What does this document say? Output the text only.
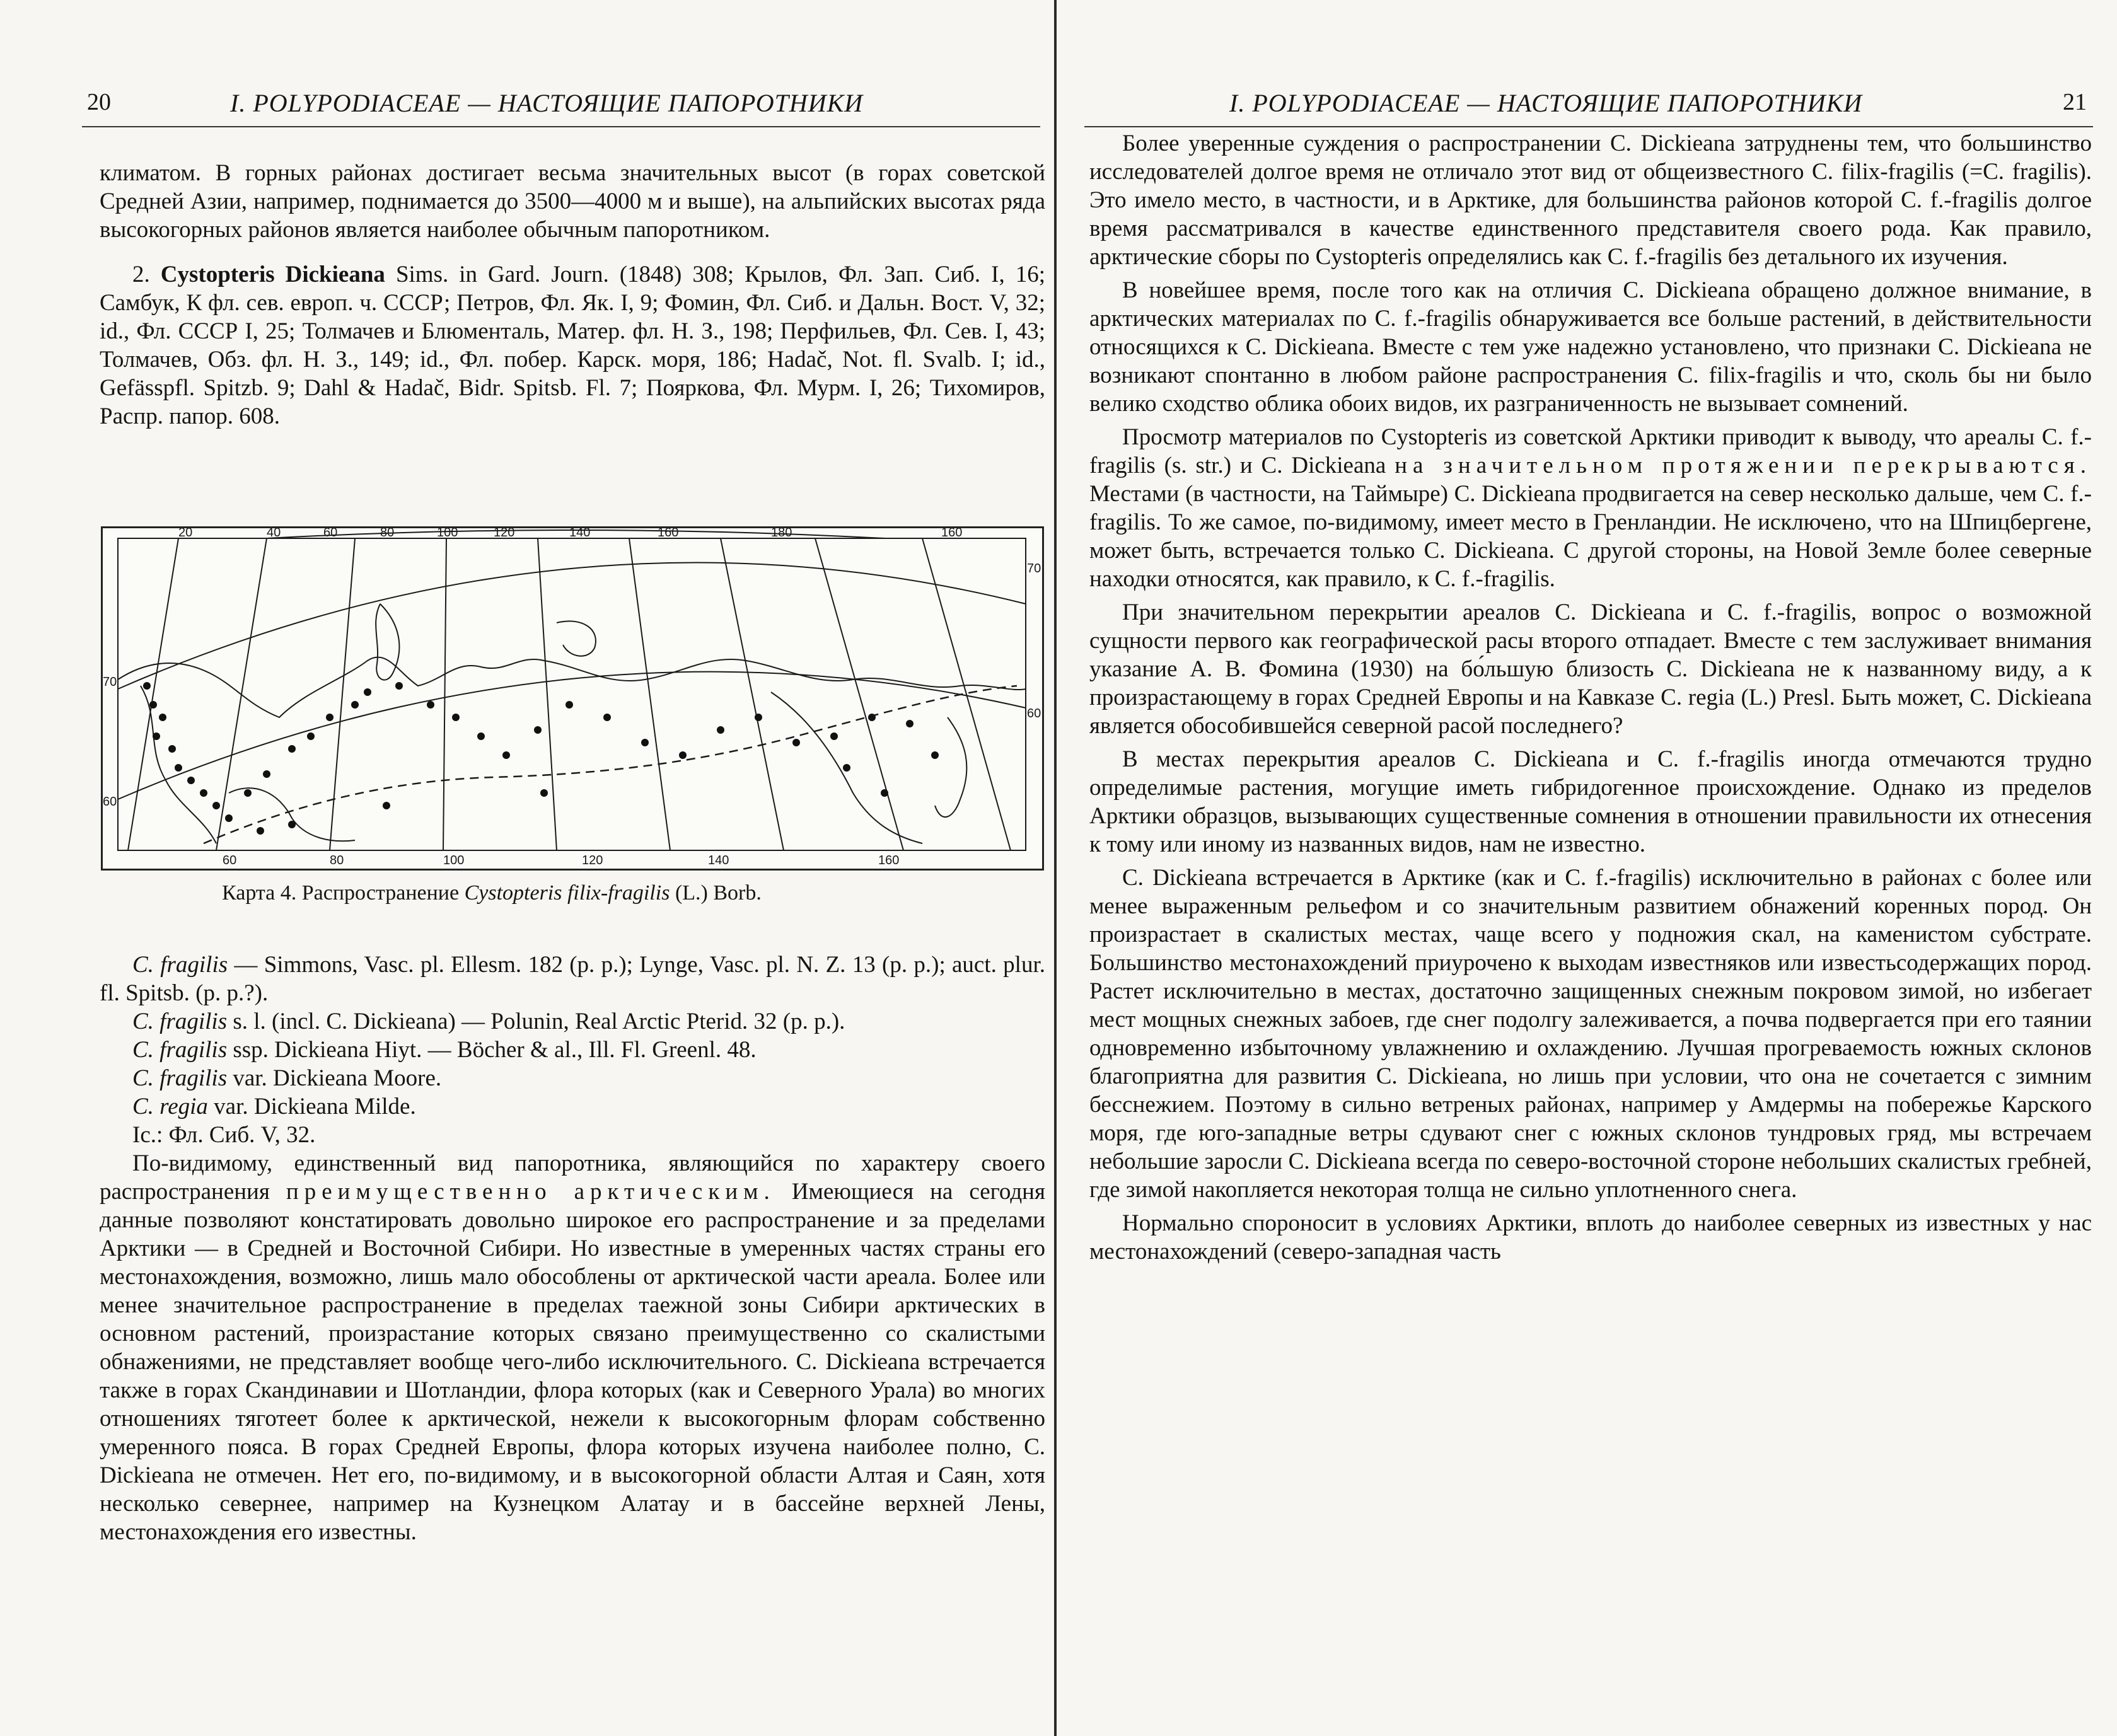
20	I. POLYPODIACEAE — НАСТОЯЩИЕ ПАПОРОТНИКИ

климатом. В горных районах достигает весьма значительных высот (в горах советской Средней Азии, например, поднимается до 3500—4000 м и выше), на альпийских высотах ряда высокогорных районов является наиболее обычным папоротником.

2. Cystopteris Dickieana Sims. in Gard. Journ. (1848) 308; Крылов, Фл. Зап. Сиб. I, 16; Самбук, К фл. сев. европ. ч. СССР; Петров, Фл. Як. I, 9; Фомин, Фл. Сиб. и Дальн. Вост. V, 32; id., Фл. СССР I, 25; Толмачев и Блюменталь, Матер. фл. Н. З., 198; Перфильев, Фл. Сев. I, 43; Толмачев, Обз. фл. Н. З., 149; id., Фл. побер. Карск. моря, 186; Hadač, Not. fl. Svalb. I; id., Gefässpfl. Spitzb. 9; Dahl & Hadač, Bidr. Spitsb. Fl. 7; Пояркова, Фл. Мурм. I, 26; Тихомиров, Распр. папор. 608.

20	40	60	80	100	120	140	160	180	160
60	80	100	120	140	160
70
60
70
60
Карта 4. Распространение Cystopteris filix-fragilis (L.) Borb.

C. fragilis — Simmons, Vasc. pl. Ellesm. 182 (p. p.); Lynge, Vasc. pl. N. Z. 13 (p. p.); auct. plur. fl. Spitsb. (p. p.?).

C. fragilis s. l. (incl. C. Dickieana) — Polunin, Real Arctic Pterid. 32 (p. p.).

C. fragilis ssp. Dickieana Hiyt. — Böcher & al., Ill. Fl. Greenl. 48.

C. fragilis var. Dickieana Moore.

C. regia var. Dickieana Milde.

Ic.: Фл. Сиб. V, 32.

По-видимому, единственный вид папоротника, являющийся по характеру своего распространения преимущественно арктическим. Имеющиеся на сегодня данные позволяют констатировать довольно широкое его распространение и за пределами Арктики — в Средней и Восточной Сибири. Но известные в умеренных частях страны его местонахождения, возможно, лишь мало обособлены от арктической части ареала. Более или менее значительное распространение в пределах таежной зоны Сибири арктических в основном растений, произрастание которых связано преимущественно со скалистыми обнажениями, не представляет вообще чего-либо исключительного. C. Dickieana встречается также в горах Скандинавии и Шотландии, флора которых (как и Северного Урала) во многих отношениях тяготеет более к арктической, нежели к высокогорным флорам собственно умеренного пояса. В горах Средней Европы, флора которых изучена наиболее полно, C. Dickieana не отмечен. Нет его, по-видимому, и в высокогорной области Алтая и Саян, хотя несколько севернее, например на Кузнецком Алатау и в бассейне верхней Лены, местонахождения его известны.

I. POLYPODIACEAE — НАСТОЯЩИЕ ПАПОРОТНИКИ	21

Более уверенные суждения о распространении C. Dickieana затруднены тем, что большинство исследователей долгое время не отличало этот вид от общеизвестного C. filix-fragilis (=C. fragilis). Это имело место, в частности, и в Арктике, для большинства районов которой C. f.-fragilis долгое время рассматривался в качестве единственного представителя своего рода. Как правило, арктические сборы по Cystopteris определялись как C. f.-fragilis без детального их изучения.

В новейшее время, после того как на отличия C. Dickieana обращено должное внимание, в арктических материалах по C. f.-fragilis обнаруживается все больше растений, в действительности относящихся к C. Dickieana. Вместе с тем уже надежно установлено, что признаки C. Dickieana не возникают спонтанно в любом районе распространения C. filix-fragilis и что, сколь бы ни было велико сходство облика обоих видов, их разграниченность не вызывает сомнений.

Просмотр материалов по Cystopteris из советской Арктики приводит к выводу, что ареалы C. f.-fragilis (s. str.) и C. Dickieana на значительном протяжении перекрываются. Местами (в частности, на Таймыре) C. Dickieana продвигается на север несколько дальше, чем C. f.-fragilis. То же самое, по-видимому, имеет место в Гренландии. Не исключено, что на Шпицбергене, может быть, встречается только C. Dickieana. С другой стороны, на Новой Земле более северные находки относятся, как правило, к C. f.-fragilis.

При значительном перекрытии ареалов C. Dickieana и C. f.-fragilis, вопрос о возможной сущности первого как географической расы второго отпадает. Вместе с тем заслуживает внимания указание А. В. Фомина (1930) на бо́льшую близость C. Dickieana не к названному виду, а к произрастающему в горах Средней Европы и на Кавказе C. regia (L.) Presl. Быть может, C. Dickieana является обособившейся северной расой последнего?

В местах перекрытия ареалов C. Dickieana и C. f.-fragilis иногда отмечаются трудно определимые растения, могущие иметь гибридогенное происхождение. Однако из пределов Арктики образцов, вызывающих существенные сомнения в отношении правильности их отнесения к тому или иному из названных видов, нам не известно.

C. Dickieana встречается в Арктике (как и C. f.-fragilis) исключительно в районах с более или менее выраженным рельефом и со значительным развитием обнажений коренных пород. Он произрастает в скалистых местах, чаще всего у подножия скал, на каменистом субстрате. Большинство местонахождений приурочено к выходам известняков или известьсодержащих пород. Растет исключительно в местах, достаточно защищенных снежным покровом зимой, но избегает мест мощных снежных забоев, где снег подолгу залеживается, а почва подвергается при его таянии одновременно избыточному увлажнению и охлаждению. Лучшая прогреваемость южных склонов благоприятна для развития C. Dickieana, но лишь при условии, что она не сочетается с зимним бесснежием. Поэтому в сильно ветреных районах, например у Амдермы на побережье Карского моря, где юго-западные ветры сдувают снег с южных склонов тундровых гряд, мы встречаем небольшие заросли C. Dickieana всегда по северо-восточной стороне небольших скалистых гребней, где зимой накопляется некоторая толща не сильно уплотненного снега.

Нормально спороносит в условиях Арктики, вплоть до наиболее северных из известных у нас местонахождений (северо-западная часть
